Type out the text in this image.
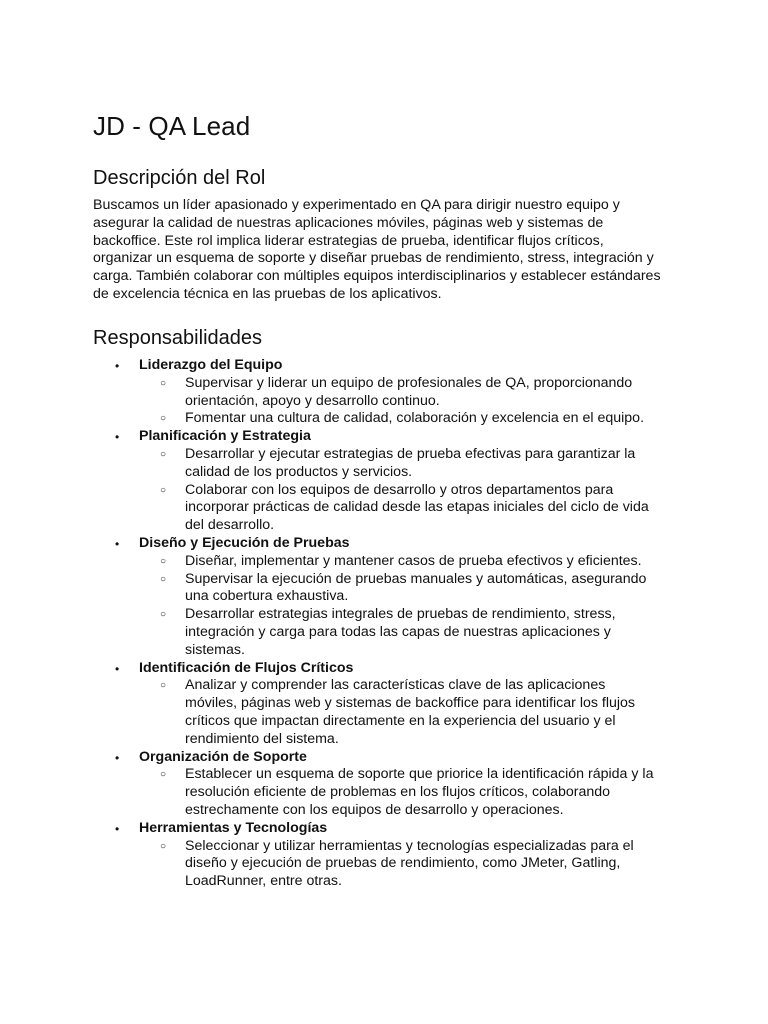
JD - QA Lead
Descripción del Rol

Buscamos un líder apasionado y experimentado en QA para dirigir nuestro equipo y asegurar la calidad de nuestras aplicaciones móviles, páginas web y sistemas de backoffice. Este rol implica liderar estrategias de prueba, identificar flujos críticos, organizar un esquema de soporte y diseñar pruebas de rendimiento, stress, integración y carga. También colaborar con múltiples equipos interdisciplinarios y establecer estándares de excelencia técnica en las pruebas de los aplicativos.

Responsabilidades
• Liderazgo del Equipo
○ Supervisar y liderar un equipo de profesionales de QA, proporcionando orientación, apoyo y desarrollo continuo.
○ Fomentar una cultura de calidad, colaboración y excelencia en el equipo.
• Planificación y Estrategia
○ Desarrollar y ejecutar estrategias de prueba efectivas para garantizar la calidad de los productos y servicios.
○ Colaborar con los equipos de desarrollo y otros departamentos para incorporar prácticas de calidad desde las etapas iniciales del ciclo de vida del desarrollo.
• Diseño y Ejecución de Pruebas
○ Diseñar, implementar y mantener casos de prueba efectivos y eficientes.
○ Supervisar la ejecución de pruebas manuales y automáticas, asegurando una cobertura exhaustiva.
○ Desarrollar estrategias integrales de pruebas de rendimiento, stress, integración y carga para todas las capas de nuestras aplicaciones y sistemas.
• Identificación de Flujos Críticos
○ Analizar y comprender las características clave de las aplicaciones móviles, páginas web y sistemas de backoffice para identificar los flujos críticos que impactan directamente en la experiencia del usuario y el rendimiento del sistema.
• Organización de Soporte
○ Establecer un esquema de soporte que priorice la identificación rápida y la resolución eficiente de problemas en los flujos críticos, colaborando estrechamente con los equipos de desarrollo y operaciones.
• Herramientas y Tecnologías
○ Seleccionar y utilizar herramientas y tecnologías especializadas para el diseño y ejecución de pruebas de rendimiento, como JMeter, Gatling, LoadRunner, entre otras.
